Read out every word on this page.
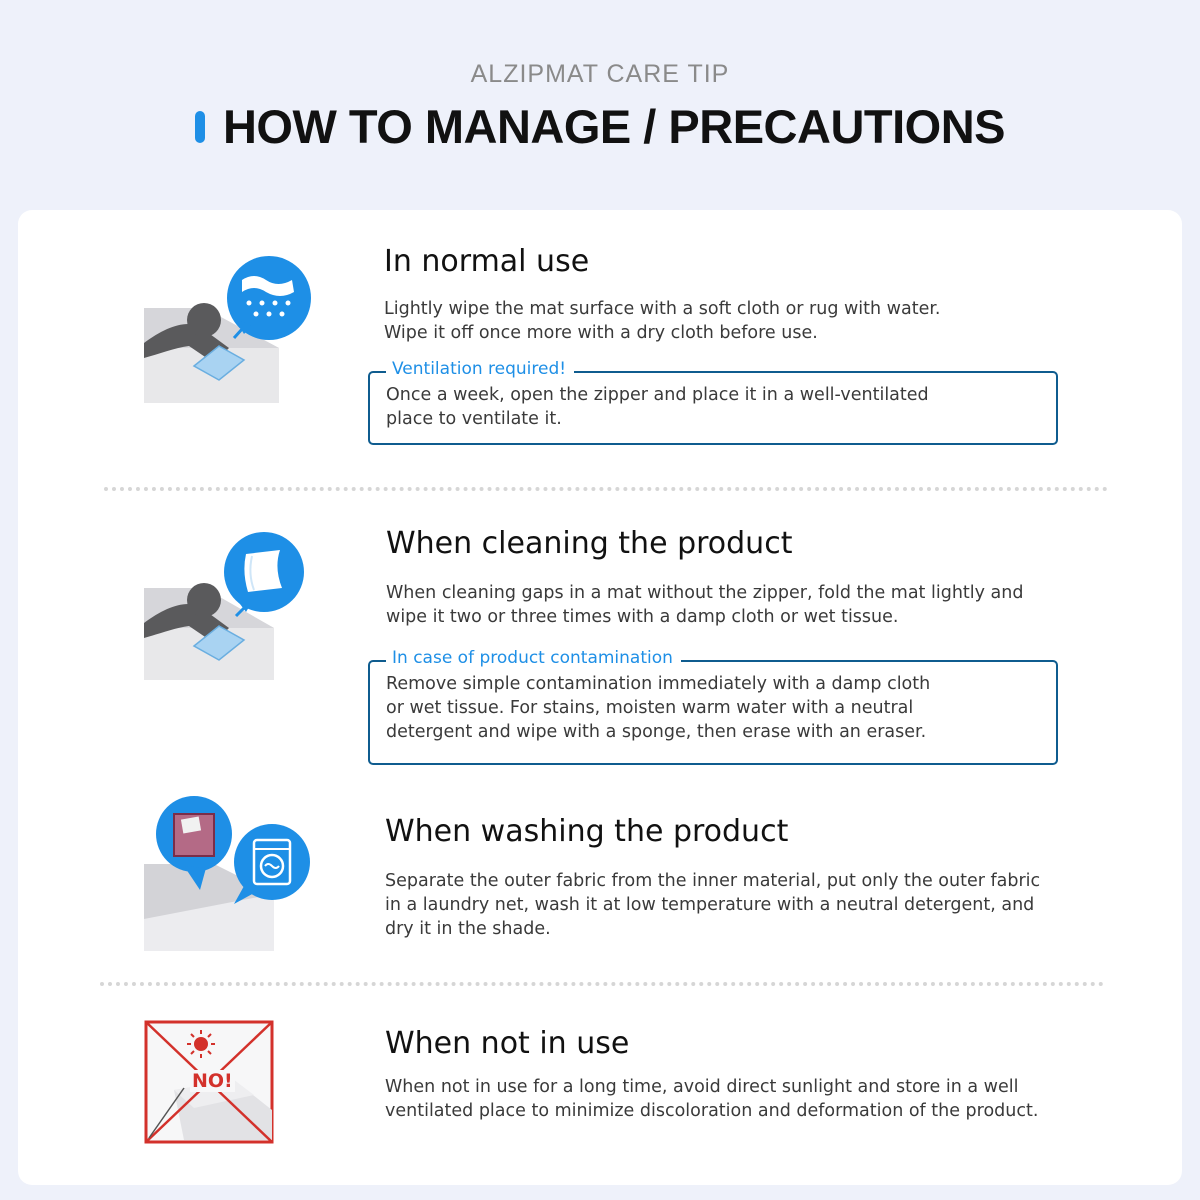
ALZIPMAT CARE TIP
HOW TO MANAGE / PRECAUTIONS
In normal use
Lightly wipe the mat surface with a soft cloth or rug with water.
Wipe it off once more with a dry cloth before use.
Ventilation required!
Once a week, open the zipper and place it in a well-ventilated
place to ventilate it.
When cleaning the product
When cleaning gaps in a mat without the zipper, fold the mat lightly and
wipe it two or three times with a damp cloth or wet tissue.
In case of product contamination
Remove simple contamination immediately with a damp cloth
or wet tissue. For stains, moisten warm water with a neutral
detergent and wipe with a sponge, then erase with an eraser.
When washing the product
Separate the outer fabric from the inner material, put only the outer fabric
in a laundry net, wash it at low temperature with a neutral detergent, and
dry it in the shade.
NO!
When not in use
When not in use for a long time, avoid direct sunlight and store in a well
ventilated place to minimize discoloration and deformation of the product.
